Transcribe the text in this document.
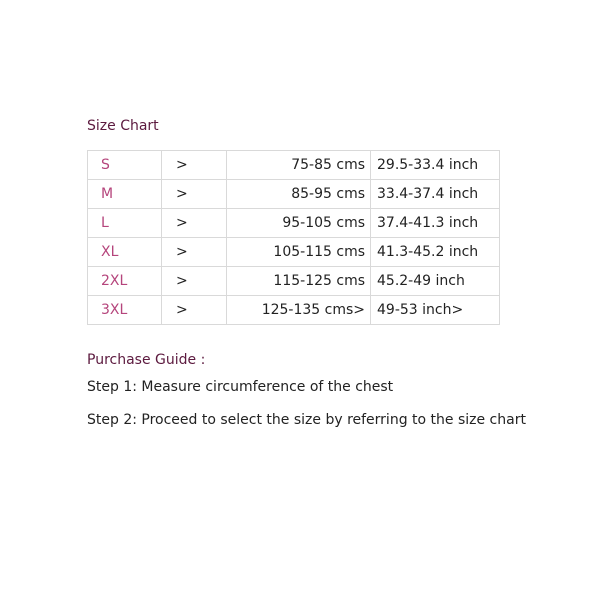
Size Chart
S	>	75-85 cms	29.5-33.4 inch
M	>	85-95 cms	33.4-37.4 inch
L	>	95-105 cms	37.4-41.3 inch
XL	>	105-115 cms	41.3-45.2 inch
2XL	>	115-125 cms	45.2-49 inch
3XL	>	125-135 cms>	49-53 inch>
Purchase Guide :
Step 1: Measure circumference of the chest
Step 2: Proceed to select the size by referring to the size chart
